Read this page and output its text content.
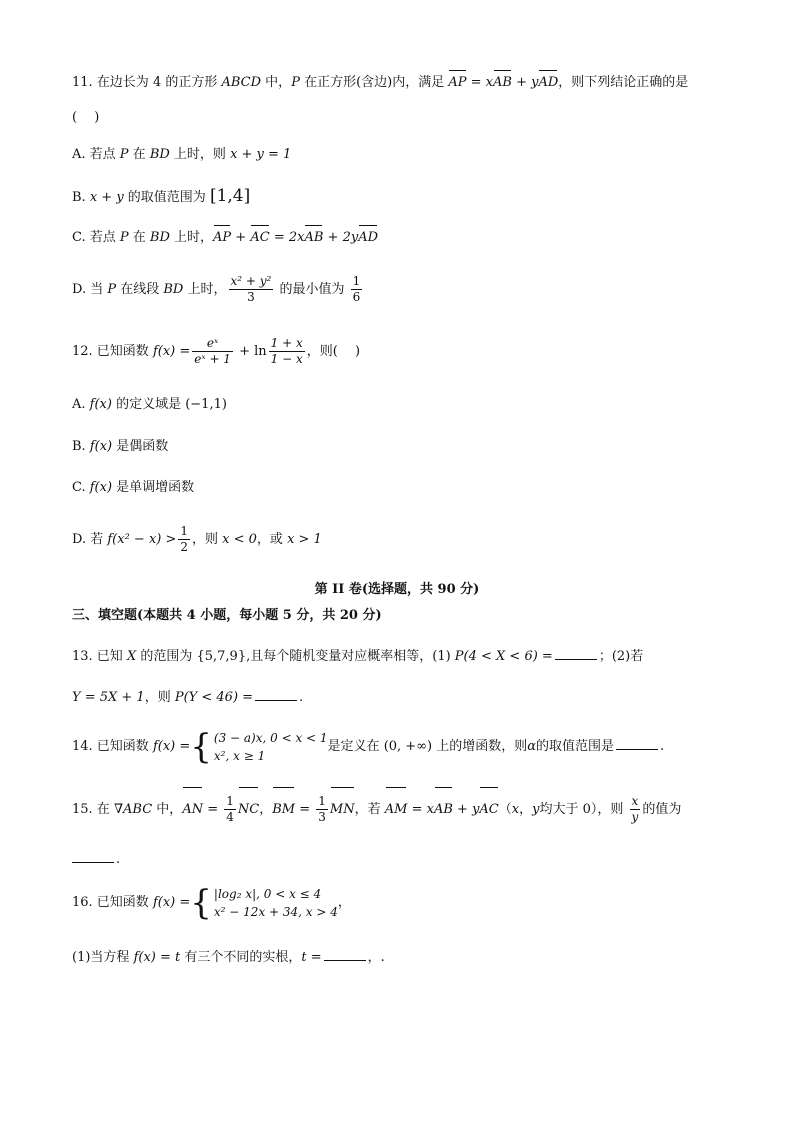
11. 在边长为 4 的正方形 ABCD 中，P 在正方形(含边)内，满足 AP = xAB + yAD，则下列结论正确的是
(　 )
A. 若点 P 在 BD 上时，则 x + y = 1
B. x + y 的取值范围为 [1,4]
C. 若点 P 在 BD 上时，AP + AC = 2xAB + 2yAD
D. 当 P 在线段 BD 上时， $\frac{\text{x² + y²}}{3}$ 的最小值为 $\frac{1}{6}$
12. 已知函数 $f(x) = \frac{\text{eˣ}}{\text{eˣ + 1}} + \ln \frac{1 + x}{1 - x}$ ，则(　 )
A. f(x) 的定义域是 (−1,1)
B. f(x) 是偶函数
C. f(x) 是单调增函数
D. 若 $f(x^2 - x) > \frac{1}{2}$ ，则 x < 0，或 x > 1
第 II 卷(选择题，共 90 分)
三、填空题(本题共 4 小题，每小题 5 分，共 20 分)
13. 已知 X 的范围为 {5,7,9},且每个随机变量对应概率相等，(1) P(4 < X < 6) =	；(2)若
Y = 5X + 1，则 P(Y < 46) =	.
14. 已知函数 f(x) ={ (3 − a)x, 0 < x < 1
x², x ≥ 1
是定义在 (0, +∞) 上的增函数，则α的取值范围是	.
15. 在 ∇ABC 中，AN = $\frac{1}{4}$ NC，BM = $\frac{1}{3}$ MN，若 AM = xAB + yAC（x，y均大于 0），则 $\frac{x}{y}$ 的值为
.
16. 已知函数 f(x) ={ |log₂ x|, 0 < x ≤ 4
x² − 12x + 34, x > 4
，
(1)当方程 f(x) = t 有三个不同的实根，t =	，.
